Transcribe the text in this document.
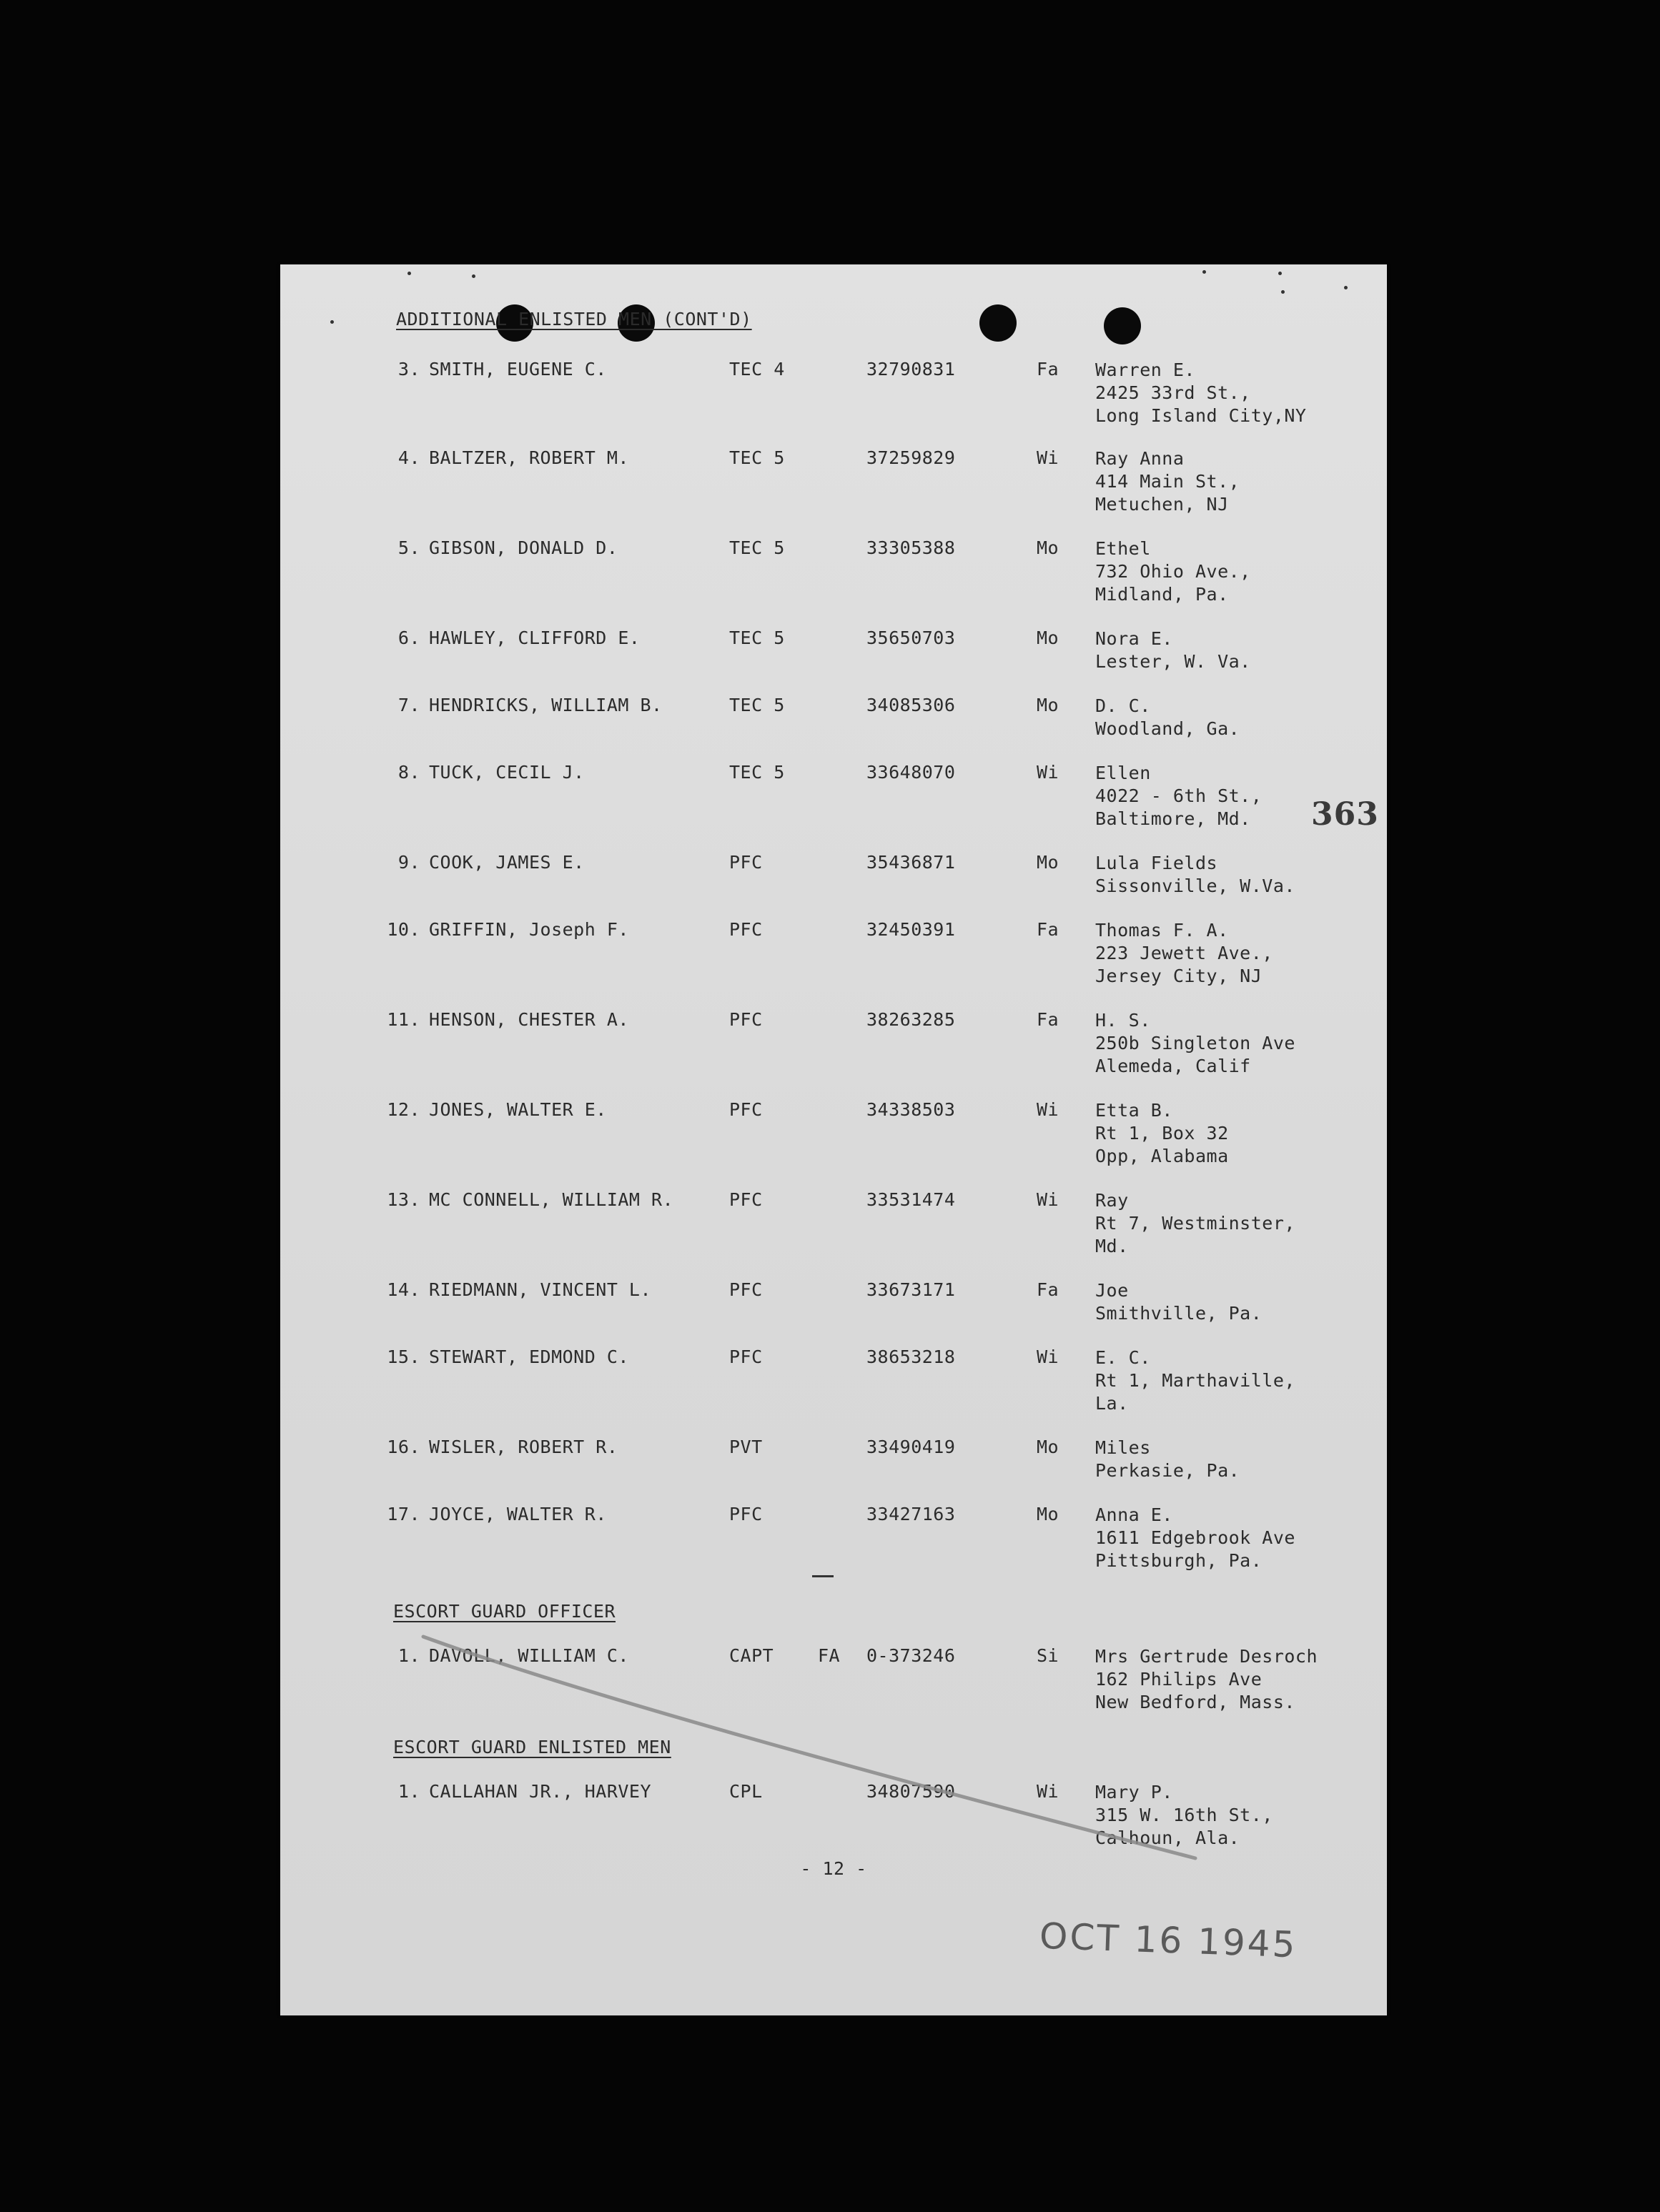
ADDITIONAL ENLISTED MEN (CONT'D)
3. SMITH, EUGENE C.	TEC 4	32790831	Fa Warren E.
2425 33rd St.,
Long Island City,NY
4. BALTZER, ROBERT M.	TEC 5	37259829	Wi Ray Anna
414 Main St.,
Metuchen, NJ
5. GIBSON, DONALD D.	TEC 5	33305388	Mo Ethel
732 Ohio Ave.,
Midland, Pa.
6. HAWLEY, CLIFFORD E.	TEC 5	35650703	Mo Nora E.
Lester, W. Va.
7. HENDRICKS, WILLIAM B.	TEC 5	34085306	Mo D. C.
Woodland, Ga.
8. TUCK, CECIL J.	TEC 5	33648070	Wi Ellen
4022 - 6th St.,
Baltimore, Md.
9. COOK, JAMES E.	PFC	35436871	Mo Lula Fields
Sissonville, W.Va.
10. GRIFFIN, Joseph F.	PFC	32450391	Fa Thomas F. A.
223 Jewett Ave.,
Jersey City, NJ
11. HENSON, CHESTER A.	PFC	38263285	Fa H. S.
250b Singleton Ave
Alemeda, Calif
12. JONES, WALTER E.	PFC	34338503	Wi Etta B.
Rt 1, Box 32
Opp, Alabama
13. MC CONNELL, WILLIAM R.	PFC	33531474	Wi Ray
Rt 7, Westminster,
Md.
14. RIEDMANN, VINCENT L.	PFC	33673171	Fa Joe
Smithville, Pa.
15. STEWART, EDMOND C.	PFC	38653218	Wi E. C.
Rt 1, Marthaville,
La.
16. WISLER, ROBERT R.	PVT	33490419	Mo Miles
Perkasie, Pa.
17. JOYCE, WALTER R.	PFC	33427163	Mo Anna E.
1611 Edgebrook Ave
Pittsburgh, Pa.
ESCORT GUARD OFFICER
1. DAVOLL, WILLIAM C.	CAPT FA 0-373246	Si Mrs Gertrude Desroch
162 Philips Ave
New Bedford, Mass.
ESCORT GUARD ENLISTED MEN
1. CALLAHAN JR., HARVEY	CPL	34807590	Wi Mary P.
315 W. 16th St.,
Calhoun, Ala.
- 12 -
363
OCT 16 1945
